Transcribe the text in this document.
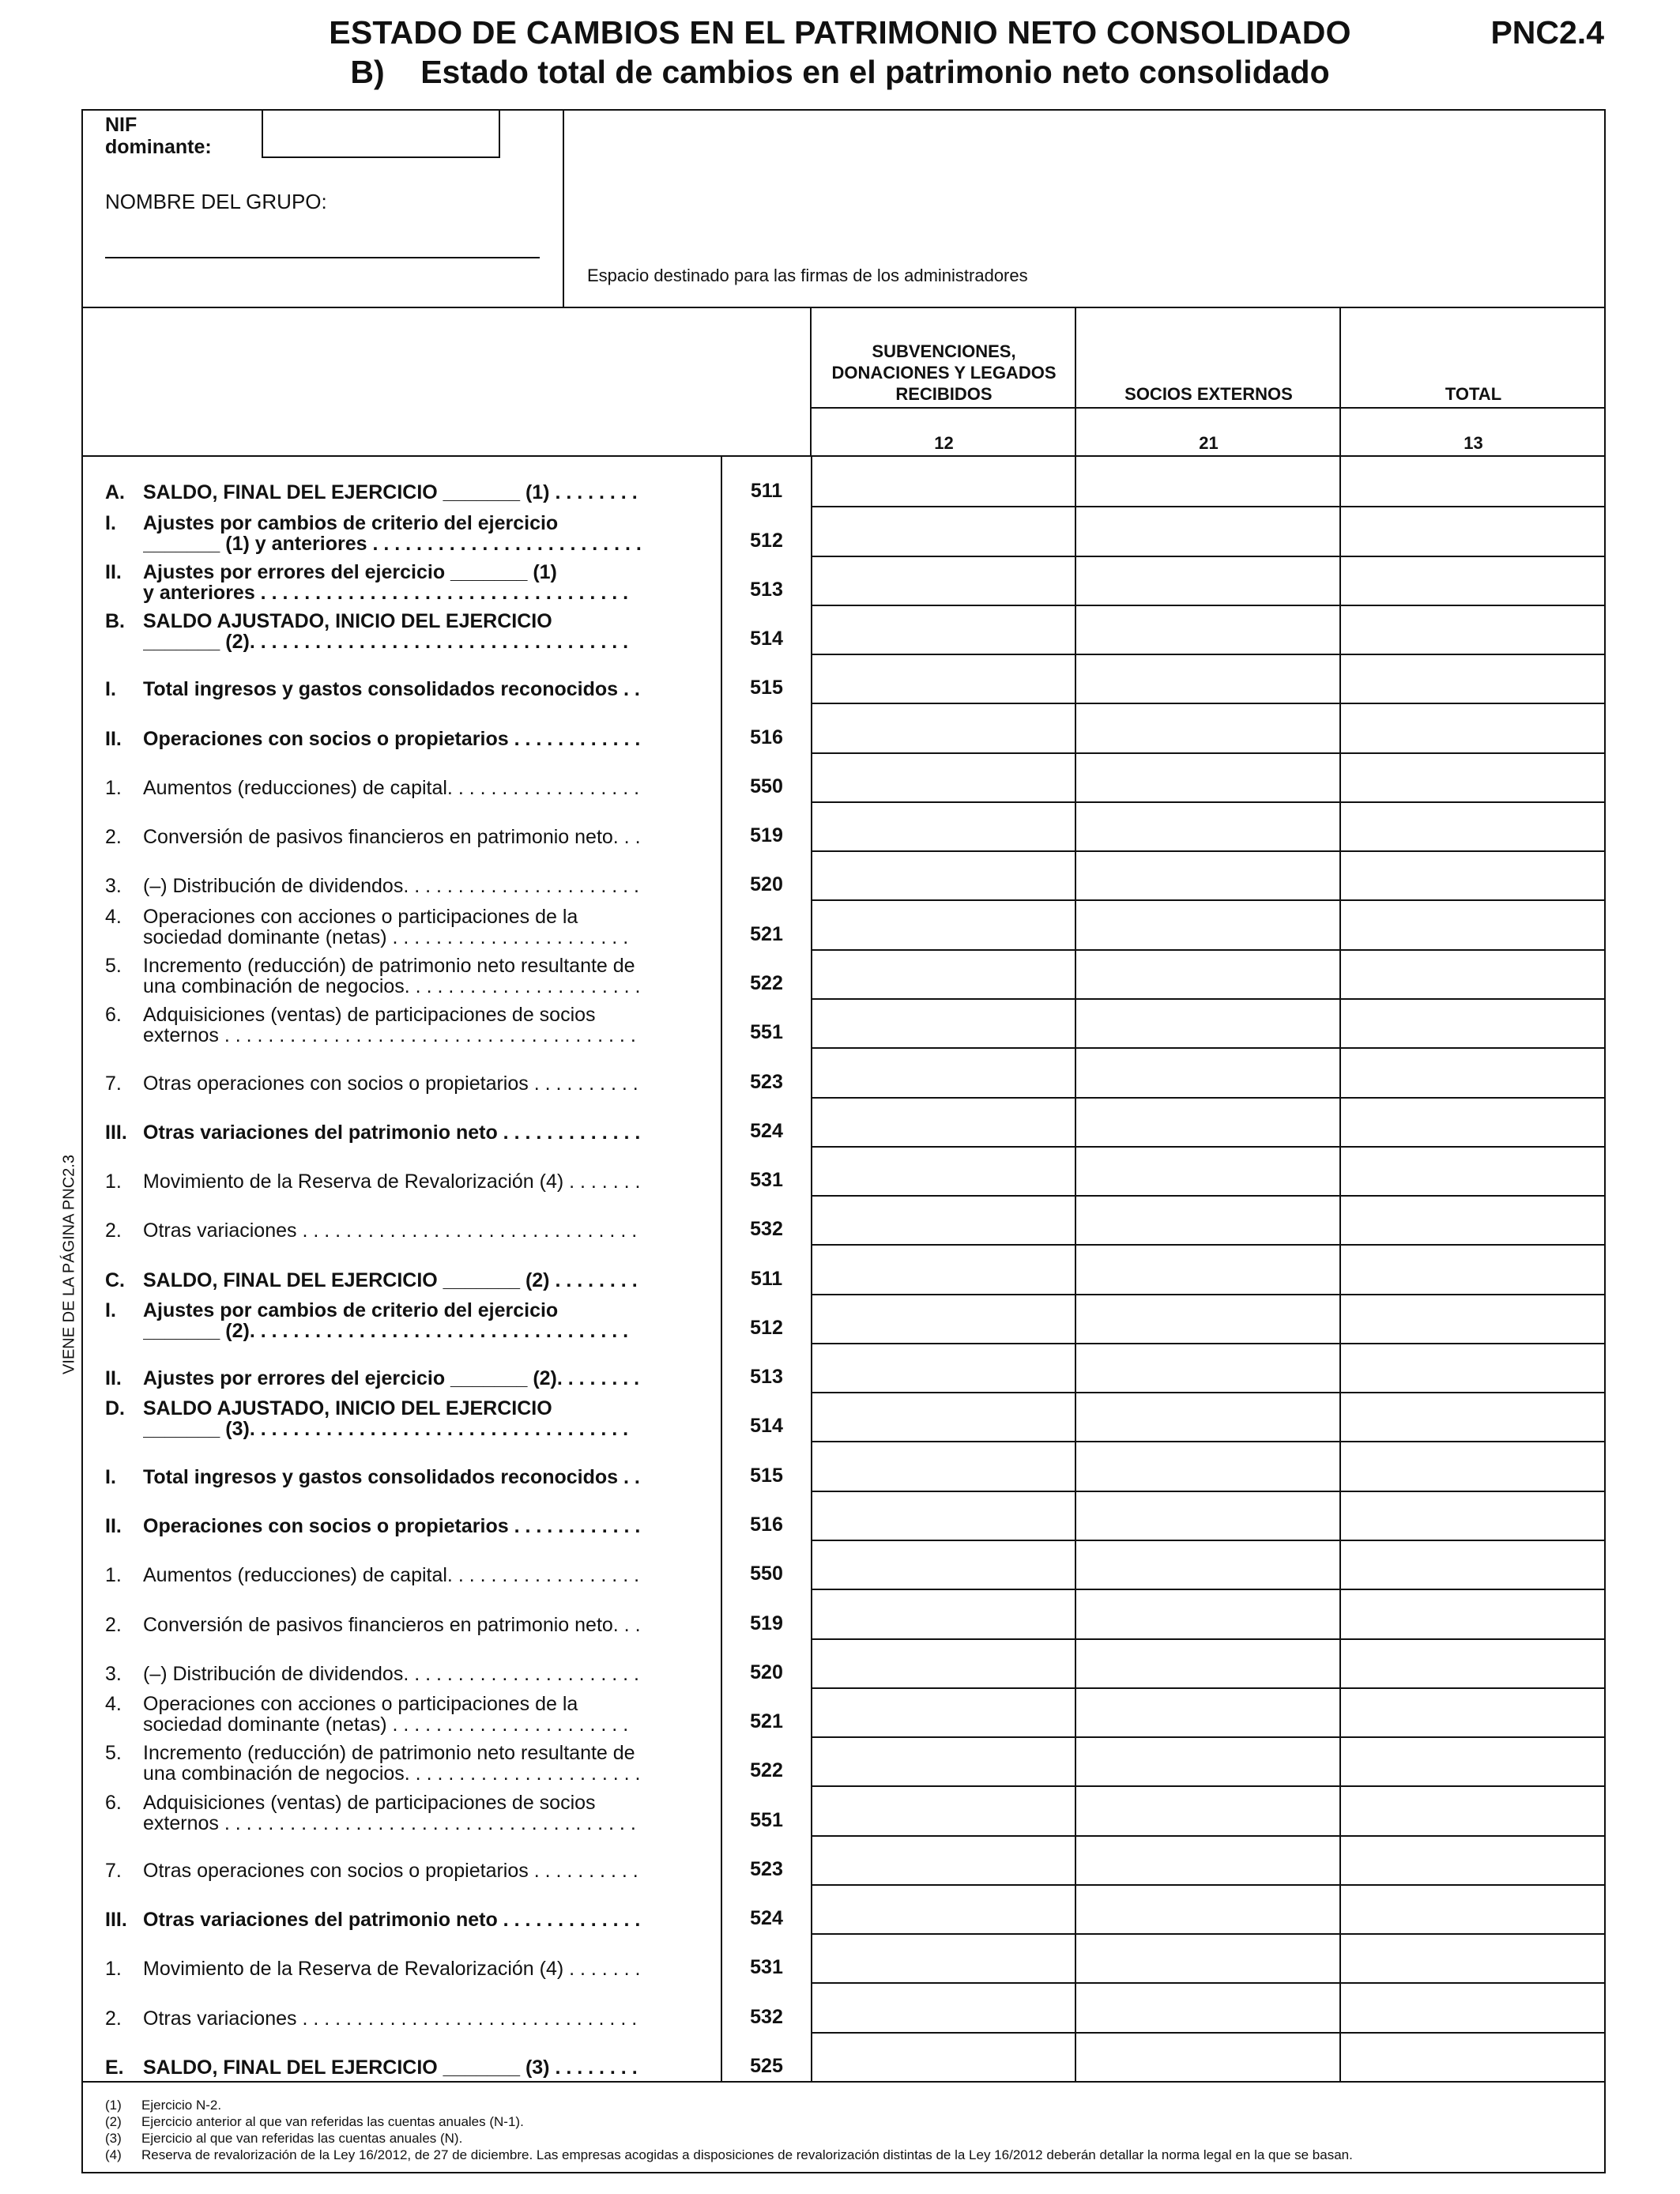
ESTADO DE CAMBIOS EN EL PATRIMONIO NETO CONSOLIDADO
B)    Estado total de cambios en el patrimonio neto consolidado
PNC2.4
VIENE DE LA PÁGINA PNC2.3
NIF
dominante:
NOMBRE DEL GRUPO:
Espacio destinado para las firmas de los administradores
SUBVENCIONES,
DONACIONES Y LEGADOS
RECIBIDOS	SOCIOS EXTERNOS	TOTAL
12	21	13
A. SALDO, FINAL DEL EJERCICIO _______ (1) . . . . . . . .	511
I. Ajustes por cambios de criterio del ejercicio
_______ (1) y anteriores . . . . . . . . . . . . . . . . . . . . . . . . .	512
II. Ajustes por errores del ejercicio _______ (1)
y anteriores . . . . . . . . . . . . . . . . . . . . . . . . . . . . . . . . . .	513
B. SALDO AJUSTADO, INICIO DEL EJERCICIO
_______ (2). . . . . . . . . . . . . . . . . . . . . . . . . . . . . . . . . . .	514
I. Total ingresos y gastos consolidados reconocidos . .	515
II. Operaciones con socios o propietarios . . . . . . . . . . . .	516
1. Aumentos (reducciones) de capital. . . . . . . . . . . . . . . . . .	550
2. Conversión de pasivos financieros en patrimonio neto. . .	519
3. (–) Distribución de dividendos. . . . . . . . . . . . . . . . . . . . . .	520
4. Operaciones con acciones o participaciones de la
sociedad dominante (netas) . . . . . . . . . . . . . . . . . . . . . .	521
5. Incremento (reducción) de patrimonio neto resultante de
una combinación de negocios. . . . . . . . . . . . . . . . . . . . . .	522
6. Adquisiciones (ventas) de participaciones de socios
externos . . . . . . . . . . . . . . . . . . . . . . . . . . . . . . . . . . . . . .	551
7. Otras operaciones con socios o propietarios . . . . . . . . . .	523
III. Otras variaciones del patrimonio neto . . . . . . . . . . . . .	524
1. Movimiento de la Reserva de Revalorización (4) . . . . . . .	531
2. Otras variaciones . . . . . . . . . . . . . . . . . . . . . . . . . . . . . . .	532
C. SALDO, FINAL DEL EJERCICIO _______ (2) . . . . . . . .	511
I. Ajustes por cambios de criterio del ejercicio
_______ (2). . . . . . . . . . . . . . . . . . . . . . . . . . . . . . . . . . .	512
II. Ajustes por errores del ejercicio _______ (2). . . . . . . .	513
D. SALDO AJUSTADO, INICIO DEL EJERCICIO
_______ (3). . . . . . . . . . . . . . . . . . . . . . . . . . . . . . . . . . .	514
I. Total ingresos y gastos consolidados reconocidos . .	515
II. Operaciones con socios o propietarios . . . . . . . . . . . .	516
1. Aumentos (reducciones) de capital. . . . . . . . . . . . . . . . . .	550
2. Conversión de pasivos financieros en patrimonio neto. . .	519
3. (–) Distribución de dividendos. . . . . . . . . . . . . . . . . . . . . .	520
4. Operaciones con acciones o participaciones de la
sociedad dominante (netas) . . . . . . . . . . . . . . . . . . . . . .	521
5. Incremento (reducción) de patrimonio neto resultante de
una combinación de negocios. . . . . . . . . . . . . . . . . . . . . .	522
6. Adquisiciones (ventas) de participaciones de socios
externos . . . . . . . . . . . . . . . . . . . . . . . . . . . . . . . . . . . . . .	551
7. Otras operaciones con socios o propietarios . . . . . . . . . .	523
III. Otras variaciones del patrimonio neto . . . . . . . . . . . . .	524
1. Movimiento de la Reserva de Revalorización (4) . . . . . . .	531
2. Otras variaciones . . . . . . . . . . . . . . . . . . . . . . . . . . . . . . .	532
E. SALDO, FINAL DEL EJERCICIO _______ (3) . . . . . . . .	525
(1)	Ejercicio N-2.
(2)	Ejercicio anterior al que van referidas las cuentas anuales (N-1).
(3)	Ejercicio al que van referidas las cuentas anuales (N).
(4)	Reserva de revalorización de la Ley 16/2012, de 27 de diciembre. Las empresas acogidas a disposiciones de revalorización distintas de la Ley 16/2012 deberán detallar la norma legal en la que se basan.
